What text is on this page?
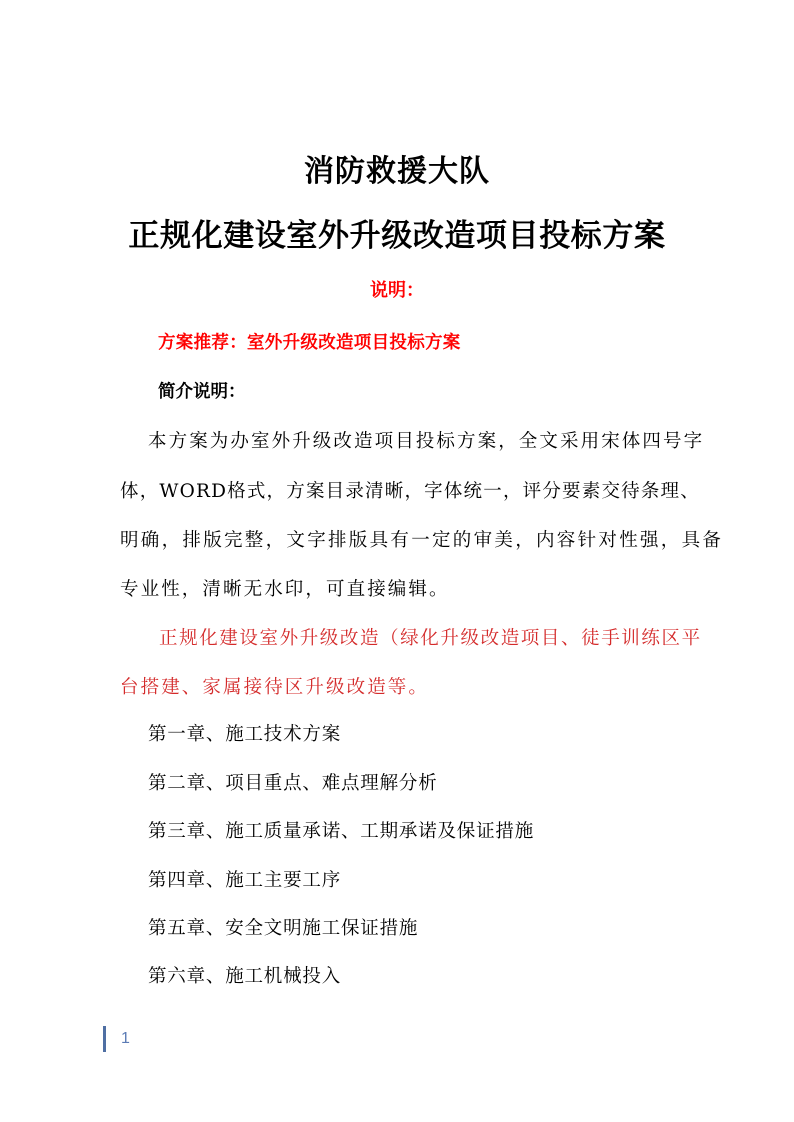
消防救援大队
正规化建设室外升级改造项目投标方案
说明：
方案推荐：室外升级改造项目投标方案
简介说明：
本方案为办室外升级改造项目投标方案，全文采用宋体四号字
体，WORD格式，方案目录清晰，字体统一，评分要素交待条理、
明确，排版完整，文字排版具有一定的审美，内容针对性强，具备
专业性，清晰无水印，可直接编辑。
正规化建设室外升级改造（绿化升级改造项目、徒手训练区平
台搭建、家属接待区升级改造等。
第一章、施工技术方案
第二章、项目重点、难点理解分析
第三章、施工质量承诺、工期承诺及保证措施
第四章、施工主要工序
第五章、安全文明施工保证措施
第六章、施工机械投入
1
